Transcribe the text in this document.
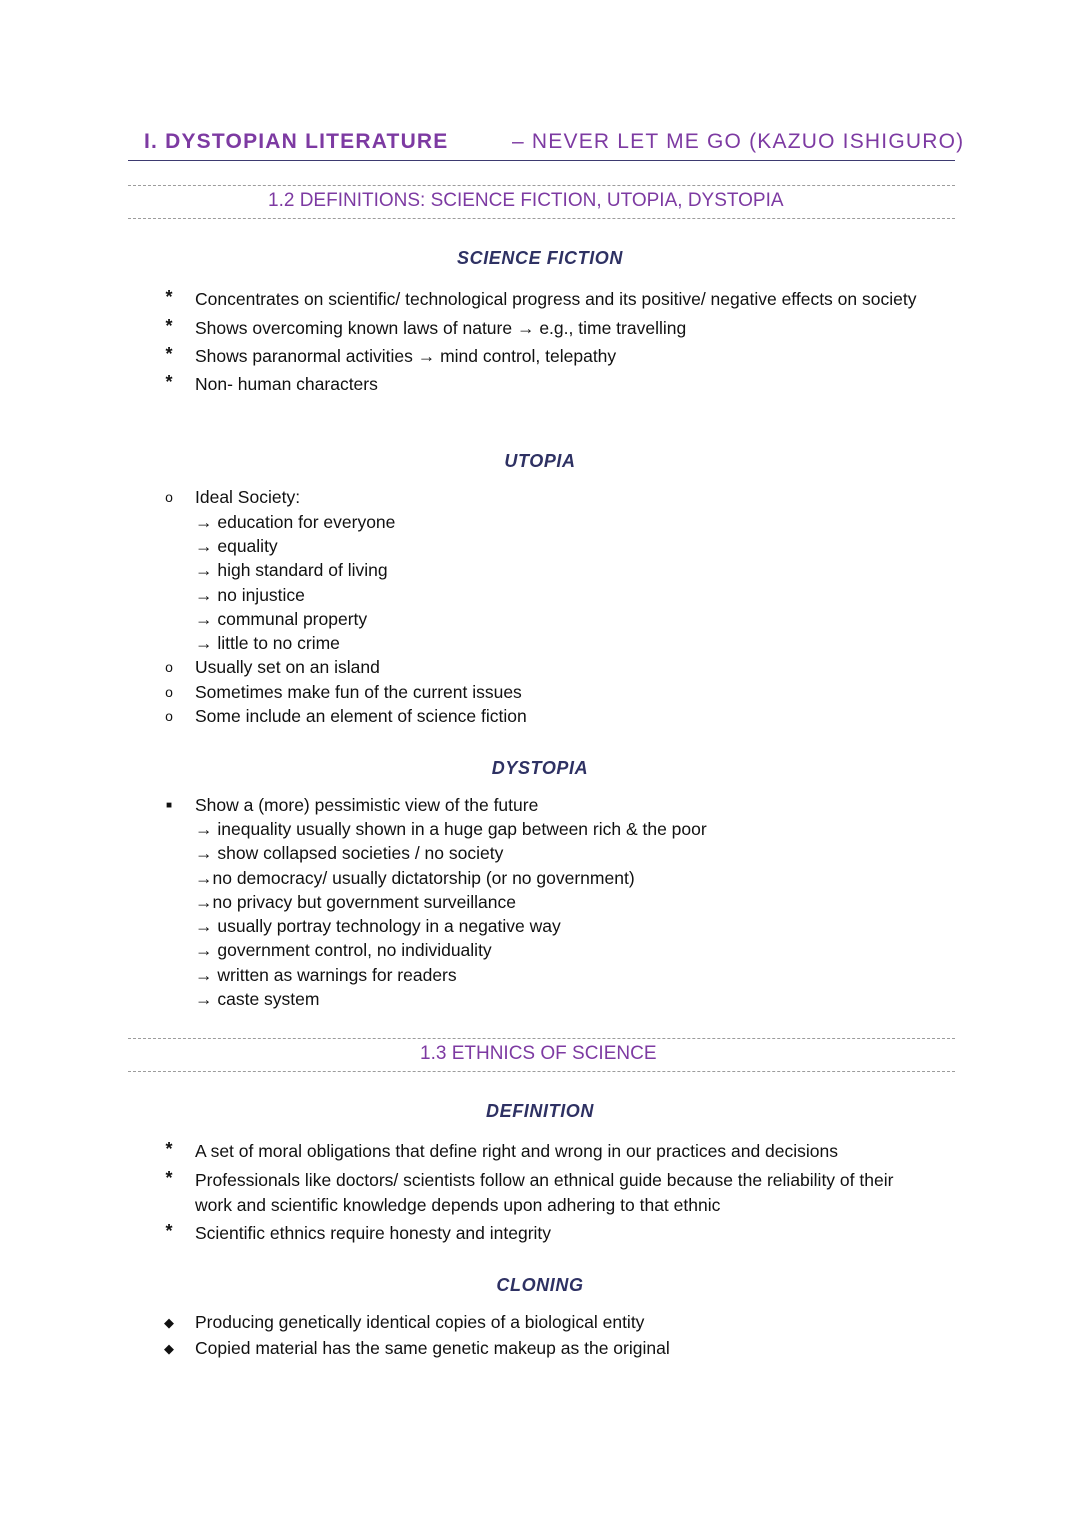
I. DYSTOPIAN LITERATURE	– NEVER LET ME GO (KAZUO ISHIGURO)
1.2 DEFINITIONS: SCIENCE FICTION, UTOPIA, DYSTOPIA
SCIENCE FICTION
* Concentrates on scientific/ technological progress and its positive/ negative effects on society
* Shows overcoming known laws of nature → e.g., time travelling
* Shows paranormal activities → mind control, telepathy
* Non- human characters
UTOPIA
o Ideal Society:
→ education for everyone
→ equality
→ high standard of living
→ no injustice
→ communal property
→ little to no crime
o Usually set on an island
o Sometimes make fun of the current issues
o Some include an element of science fiction
DYSTOPIA
■ Show a (more) pessimistic view of the future
→ inequality usually shown in a huge gap between rich & the poor
→ show collapsed societies / no society
→no democracy/ usually dictatorship (or no government)
→no privacy but government surveillance
→ usually portray technology in a negative way
→ government control, no individuality
→ written as warnings for readers
→ caste system
1.3 ETHNICS OF SCIENCE
DEFINITION
* A set of moral obligations that define right and wrong in our practices and decisions
* Professionals like doctors/ scientists follow an ethnical guide because the reliability of their
work and scientific knowledge depends upon adhering to that ethnic
* Scientific ethnics require honesty and integrity
CLONING
◆ Producing genetically identical copies of a biological entity
◆ Copied material has the same genetic makeup as the original
